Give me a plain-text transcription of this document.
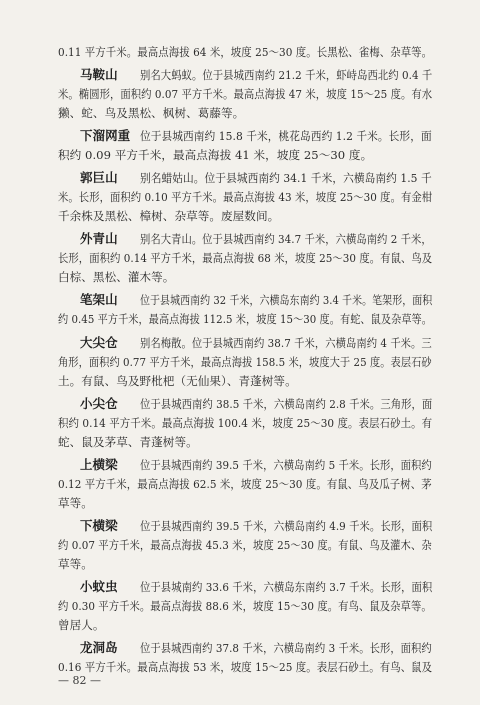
— 82 —
0.11 平方千米。最高点海拔 64 米，坡度 25～30 度。长黑松、雀梅、杂草等。
马鞍山 别名大蚂蚁。位于县城西南约 21.2 千米，虾峙岛西北约 0.4 千
米。椭圆形，面积约 0.07 平方千米。最高点海拔 47 米，坡度 15～25 度。有水
獭、蛇、鸟及黑松、枫树、葛藤等。
下溜网重 位于县城西南约 15.8 千米，桃花岛西约 1.2 千米。长形，面
积约 0.09 平方千米，最高点海拔 41 米，坡度 25～30 度。
郭巨山 别名蜡姑山。位于县城西南约 34.1 千米，六横岛南约 1.5 千
米。长形，面积约 0.10 平方千米。最高点海拔 43 米，坡度 25～30 度。有金柑
千余株及黑松、樟树、杂草等。废屋数间。
外青山 别名大青山。位于县城西南约 34.7 千米，六横岛南约 2 千米，
长形，面积约 0.14 平方千米，最高点海拔 68 米，坡度 25～30 度。有鼠、鸟及
白棕、黑松、灌木等。
笔架山 位于县城西南约 32 千米，六横岛东南约 3.4 千米。笔架形，面积
约 0.45 平方千米，最高点海拔 112.5 米，坡度 15～30 度。有蛇、鼠及杂草等。
大尖仓 别名梅散。位于县城西南约 38.7 千米，六横岛南约 4 千米。三
角形，面积约 0.77 平方千米，最高点海拔 158.5 米，坡度大于 25 度。表层石砂
土。有鼠、鸟及野枇杷（无仙果）、青蓬树等。
小尖仓 位于县城西南约 38.5 千米，六横岛南约 2.8 千米。三角形，面
积约 0.14 平方千米。最高点海拔 100.4 米，坡度 25～30 度。表层石砂土。有
蛇、鼠及茅草、青蓬树等。
上横梁 位于县城西南约 39.5 千米，六横岛南约 5 千米。长形，面积约
0.12 平方千米，最高点海拔 62.5 米，坡度 25～30 度。有鼠、鸟及瓜子树、茅
草等。
下横梁 位于县城西南约 39.5 千米，六横岛南约 4.9 千米。长形，面积
约 0.07 平方千米，最高点海拔 45.3 米，坡度 25～30 度。有鼠、鸟及灌木、杂
草等。
小蚊虫 位于县城南约 33.6 千米，六横岛东南约 3.7 千米。长形，面积
约 0.30 平方千米。最高点海拔 88.6 米，坡度 15～30 度。有鸟、鼠及杂草等。
曾居人。
龙洞岛 位于县城西南约 37.8 千米，六横岛南约 3 千米。长形，面积约
0.16 平方千米。最高点海拔 53 米，坡度 15～25 度。表层石砂土。有鸟、鼠及
